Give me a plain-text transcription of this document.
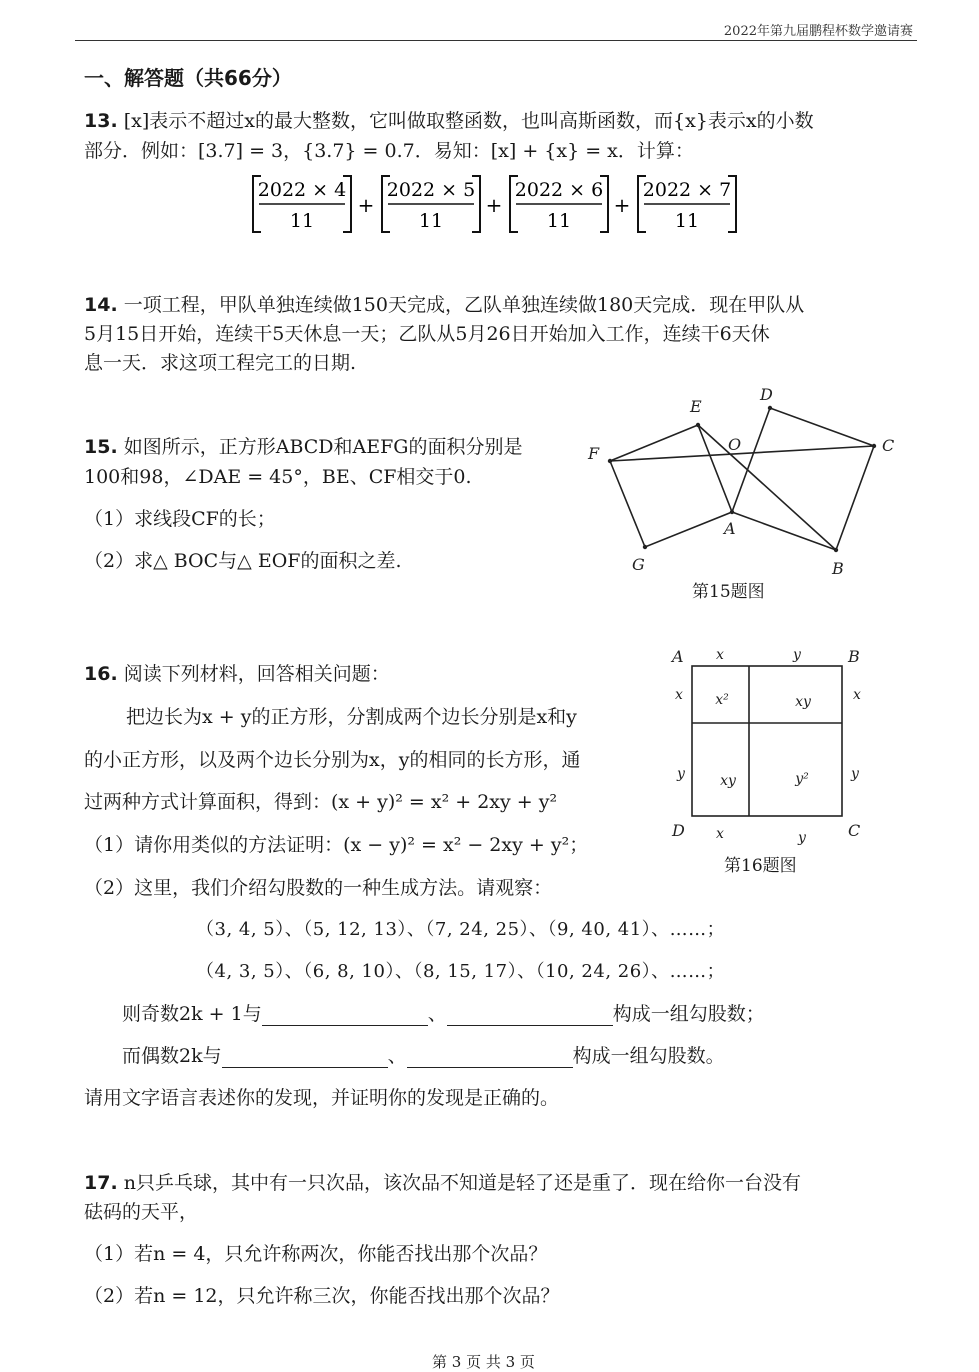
2022年第九届鹏程杯数学邀请赛
一、解答题（共66分）
13. [x]表示不超过x的最大整数，它叫做取整函数，也叫高斯函数，而{x}表示x的小数
部分．例如：[3.7] = 3，{3.7} = 0.7．易知：[x] + {x} = x．计算：
2022 × 4
11
+
2022 × 5
11
+
2022 × 6
11
+
2022 × 7
11
14. 一项工程，甲队单独连续做150天完成，乙队单独连续做180天完成．现在甲队从
5月15日开始，连续干5天休息一天；乙队从5月26日开始加入工作，连续干6天休
息一天．求这项工程完工的日期.
15. 如图所示，正方形ABCD和AEFG的面积分别是
100和98，∠DAE = 45°，BE、CF相交于0.
（1）求线段CF的长；
（2）求△ BOC与△ EOF的面积之差.
E
D
F	O	C
A
G	B
第15题图
16. 阅读下列材料，回答相关问题：
把边长为x + y的正方形，分割成两个边长分别是x和y
的小正方形，以及两个边长分别为x，y的相同的长方形，通
过两种方式计算面积，得到：(x + y)² = x² + 2xy + y²
（1）请你用类似的方法证明：(x − y)² = x² − 2xy + y²；
（2）这里，我们介绍勾股数的一种生成方法。请观察：
（3, 4, 5）、（5, 12, 13）、（7, 24, 25）、（9, 40, 41）、……；
（4, 3, 5）、（6, 8, 10）、（8, 15, 17）、（10, 24, 26）、……；
则奇数2k + 1与	、	构成一组勾股数；
而偶数2k与	、	构成一组勾股数。
请用文字语言表述你的发现，并证明你的发现是正确的。
A	B
C
D
x	y
x	y
x
y
x
y
x²	xy
xy	y²
第16题图
17. n只乒乓球，其中有一只次品，该次品不知道是轻了还是重了．现在给你一台没有
砝码的天平，
（1）若n = 4，只允许称两次，你能否找出那个次品？
（2）若n = 12，只允许称三次，你能否找出那个次品？
第 3 页 共 3 页
